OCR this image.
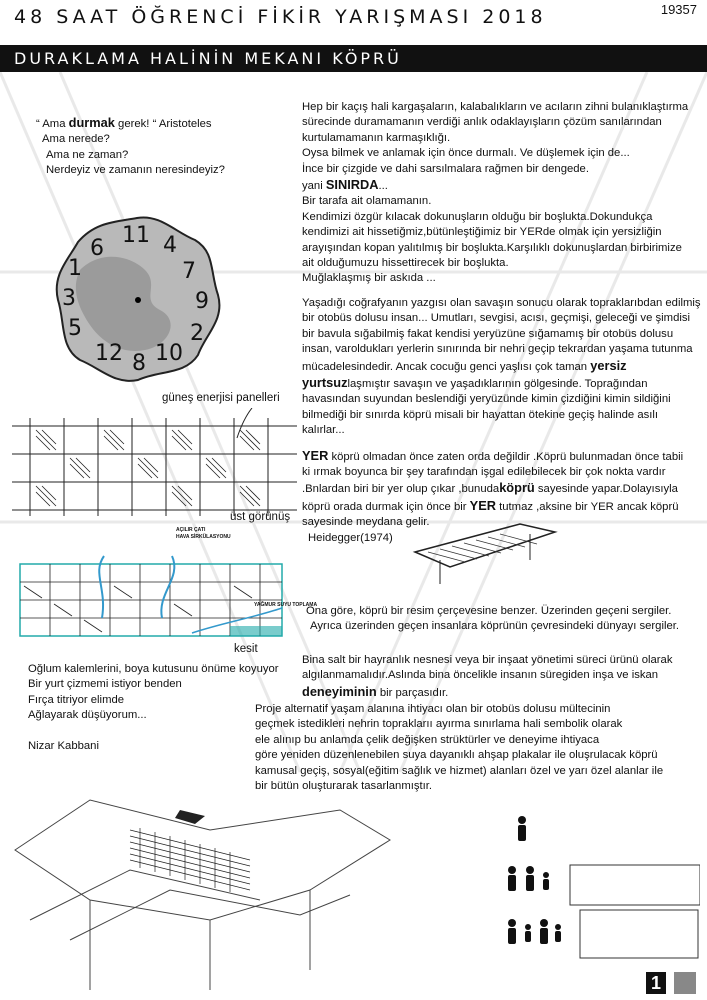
48 SAAT ÖĞRENCİ FİKİR YARIŞMASI 2018	19357
DURAKLAMA HALİNİN MEKANI KÖPRÜ
“ Ama durmak gerek! “ Aristoteles
Ama nerede?
Ama ne zaman?
Nerdeyiz ve zamanın neresindeyiz?
11 4
6
7
1
3	9
5	2
12 8 10
Hep bir kaçış hali kargaşaların, kalabalıkların ve acıların zihni bulanıklaştırma
sürecinde duramamanın verdiği anlık odaklayışların çözüm sanılarından
kurtulamamanın karmaşıklığı.
Oysa bilmek ve anlamak için önce durmalı. Ve düşlemek için de...
İnce bir çizgide ve dahi sarsılmalara rağmen bir dengede.
yani SINIRDA...
Bir tarafa ait olamamanın.
Kendimizi özgür kılacak dokunuşların olduğu bir boşlukta.Dokundukça
kendimizi ait hissetiğmiz,bütünleştiğimiz bir YERde olmak için yersizliğin
arayışından kopan yalıtılmış bir boşlukta.Karşılıklı dokunuşlardan birbirimize
ait olduğumuzu hissettirecek bir boşlukta.
Muğlaklaşmış bir askıda ...
Yaşadığı coğrafyanın yazgısı olan savaşın sonucu olarak topraklarıbdan edilmiş
bir otobüs dolusu insan... Umutları, sevgisi, acısı, geçmişi, geleceği ve şimdisi
bir bavula sığabilmiş fakat kendisi yeryüzüne sığamamış bir otobüs dolusu
insan, varoldukları yerlerin sınırında bir nehri geçip tekrardan yaşama tutunma
mücadelesindedir. Ancak cocuğu genci yaşlısı çok taman yersiz
yurtsuzlaşmıştır savaşın ve yaşadıklarının gölgesinde. Toprağından
havasından suyundan beslendiği yeryüzünde kimin çizdiğini kimin sildiğini
bilmediği bir sınırda köprü misali bir hayattan ötekine geçiş halinde asılı
kalırlar...
YER köprü olmadan önce zaten orda değildir .Köprü bulunmadan önce tabii
ki ırmak boyunca bir şey tarafından işgal edilebilecek bir çok nokta vardır
.Bnlardan biri bir yer olup çıkar ,bunudaköprü sayesinde yapar.Dolayısıyla
köprü orada durmak için önce bir YER tutmaz ,aksine bir YER ancak köprü
sayesinde meydana gelir.
Heidegger(1974)
güneş enerjisi panelleri
üst görünüş
AÇILIR ÇATI
HAVA SİRKÜLASYONU
YAĞMUR SUYU TOPLAMA
kesit
Ona göre, köprü bir resim çerçevesine benzer. Üzerinden geçeni sergiler.
Ayrıca üzerinden geçen insanlara köprünün çevresindeki dünyayı sergiler.
Bina salt bir hayranlık nesnesi veya bir inşaat yönetimi süreci ürünü olarak
algılanmamalıdır.Aslında bina öncelikle insanın süregiden inşa ve iskan
deneyiminin bir parçasıdır.
Oğlum kalemlerini, boya kutusunu önüme koyuyor
Bir yurt çizmemi istiyor benden
Fırça titriyor elimde
Ağlayarak düşüyorum...
Nizar Kabbani
Proje alternatif yaşam alanına ihtiyacı olan bir otobüs dolusu mültecinin
geçmek istedikleri nehrin topraklarıı ayırma sınırlama hali sembolik olarak
ele alınıp bu anlamda çelik değişken strüktürler ve deneyime ihtiyaca
göre yeniden düzenlenebilen suya dayanıklı ahşap plakalar ile oluşrulacak köprü
kamusal geçiş, sosyal(eğitim sağlık ve hizmet) alanları özel ve yarı özel alanlar ile
bir bütün oluşturarak tasarlanmıştır.
1
